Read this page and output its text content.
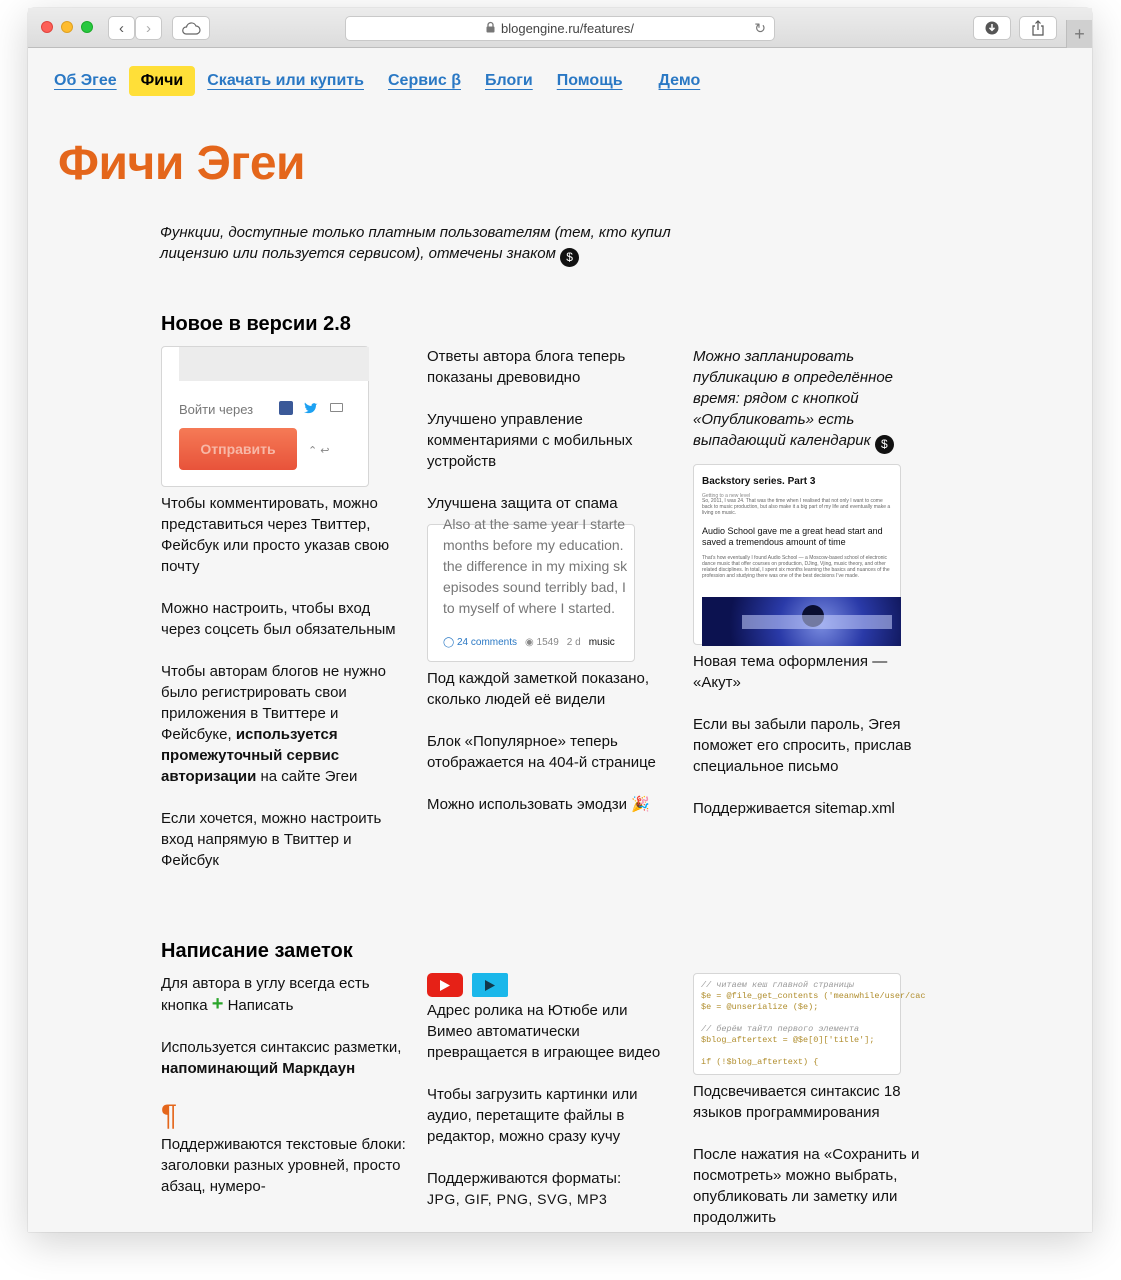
‹ ›	blogengine.ru/features/	↻	+
Об Эгее	Фичи	Скачать или купить Сервис β Блоги Помощь Демо
Фичи Эгеи
Функции, доступные только платным пользователям (тем, кто купил лицензию или пользуется сервисом), отмечены знаком $
Новое в версии 2.8
Войти через
Отправить	⌃ ↩

Чтобы комментировать, можно представиться через Твиттер, Фейсбук или просто указав свою почту

Можно настроить, чтобы вход через соцсеть был обязательным

Чтобы авторам блогов не нужно было регистрировать свои приложения в Твиттере и Фейсбуке, используется промежуточный сервис авторизации на сайте Эгеи

Если хочется, можно настроить вход напрямую в Твиттер и Фейсбук

Ответы автора блога теперь показаны древовидно

Улучшено управление комментариями с мобильных устройств

Улучшена защита от спама

Also at the same year I starte
months before my education.
the difference in my mixing sk
episodes sound terribly bad, I
to myself of where I started.
◯ 24 comments ◉ 1549 2 d music

Под каждой заметкой показано, сколько людей её видели

Блок «Популярное» теперь отображается на 404-й странице

Можно использовать эмодзи 🎉

Можно запланировать публикацию в определённое время: рядом с кнопкой «Опубликовать» есть выпадающий календарик $

Backstory series. Part 3
Getting to a new level
So, 2011, I was 24. That was the time when I realised that not only I want to come back to music production, but also make it a big part of my life and eventually make a living on music.
Audio School gave me a great head start and saved a tremendous amount of time
That’s how eventually I found Audio School — a Moscow-based school of electronic dance music that offer courses on production, DJing, Vjing, music theory, and other related disciplines. In total, I spent six months learning the basics and nuances of the profession and studying there was one of the best decisions I’ve made.

Новая тема оформления — «Акут»

Если вы забыли пароль, Эгея поможет его спросить, прислав специальное письмо

Поддерживается sitemap.xml

Написание заметок

Для автора в углу всегда есть кнопка + Написать

Используется синтаксис разметки, напоминающий Маркдаун

¶

Поддерживаются текстовые блоки: заголовки разных уровней, просто абзац, нумеро-

Адрес ролика на Ютюбе или Вимео автоматически превращается в играющее видео

Чтобы загрузить картинки или аудио, перетащите файлы в редактор, можно сразу кучу

Поддерживаются форматы:
JPG, GIF, PNG, SVG, MP3

// читаем кеш главной страницы
$e = @file_get_contents ('meanwhile/user/cac
$e = @unserialize ($e);
// берём тайтл первого элемента
$blog_aftertext = @$e[0]['title'];
if (!$blog_aftertext) {

Подсвечивается синтаксис 18 языков программирования

После нажатия на «Сохранить и посмотреть» можно выбрать, опубликовать ли заметку или продолжить
